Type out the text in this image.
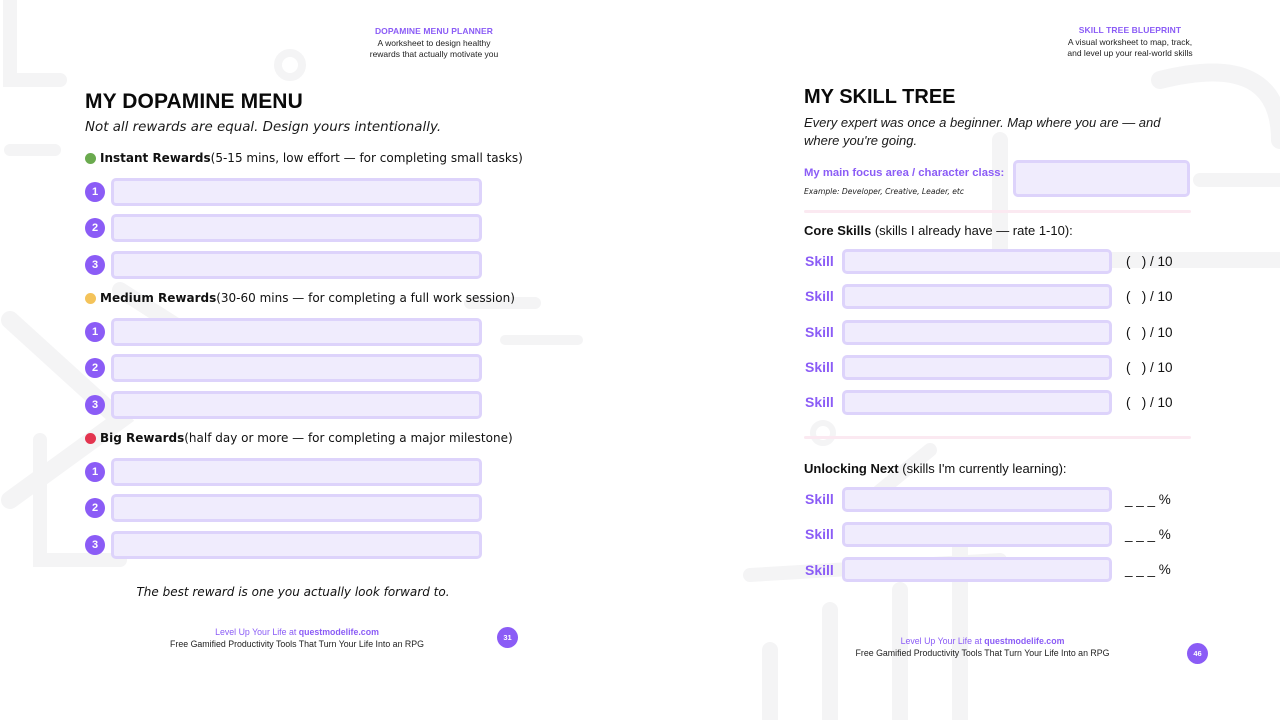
DOPAMINE MENU PLANNER
A worksheet to design healthy rewards that actually motivate you
MY DOPAMINE MENU
Not all rewards are equal. Design yours intentionally.
Instant Rewards (5-15 mins, low effort — for completing small tasks)
1
2
3
Medium Rewards (30-60 mins — for completing a full work session)
1
2
3
Big Rewards (half day or more — for completing a major milestone)
1
2
3
The best reward is one you actually look forward to.
Level Up Your Life at questmodelife.com
Free Gamified Productivity Tools That Turn Your Life Into an RPG
31
SKILL TREE BLUEPRINT
A visual worksheet to map, track, and level up your real-world skills
MY SKILL TREE
Every expert was once a beginner. Map where you are — and where you're going.
My main focus area / character class:
Example: Developer, Creative, Leader, etc
Core Skills (skills I already have — rate 1-10):
Skill	(   ) / 10
Skill	(   ) / 10
Skill	(   ) / 10
Skill	(   ) / 10
Skill	(   ) / 10
Unlocking Next (skills I'm currently learning):
Skill	_ _ _ %
Skill	_ _ _ %
Skill	_ _ _ %
Level Up Your Life at questmodelife.com
Free Gamified Productivity Tools That Turn Your Life Into an RPG	46
